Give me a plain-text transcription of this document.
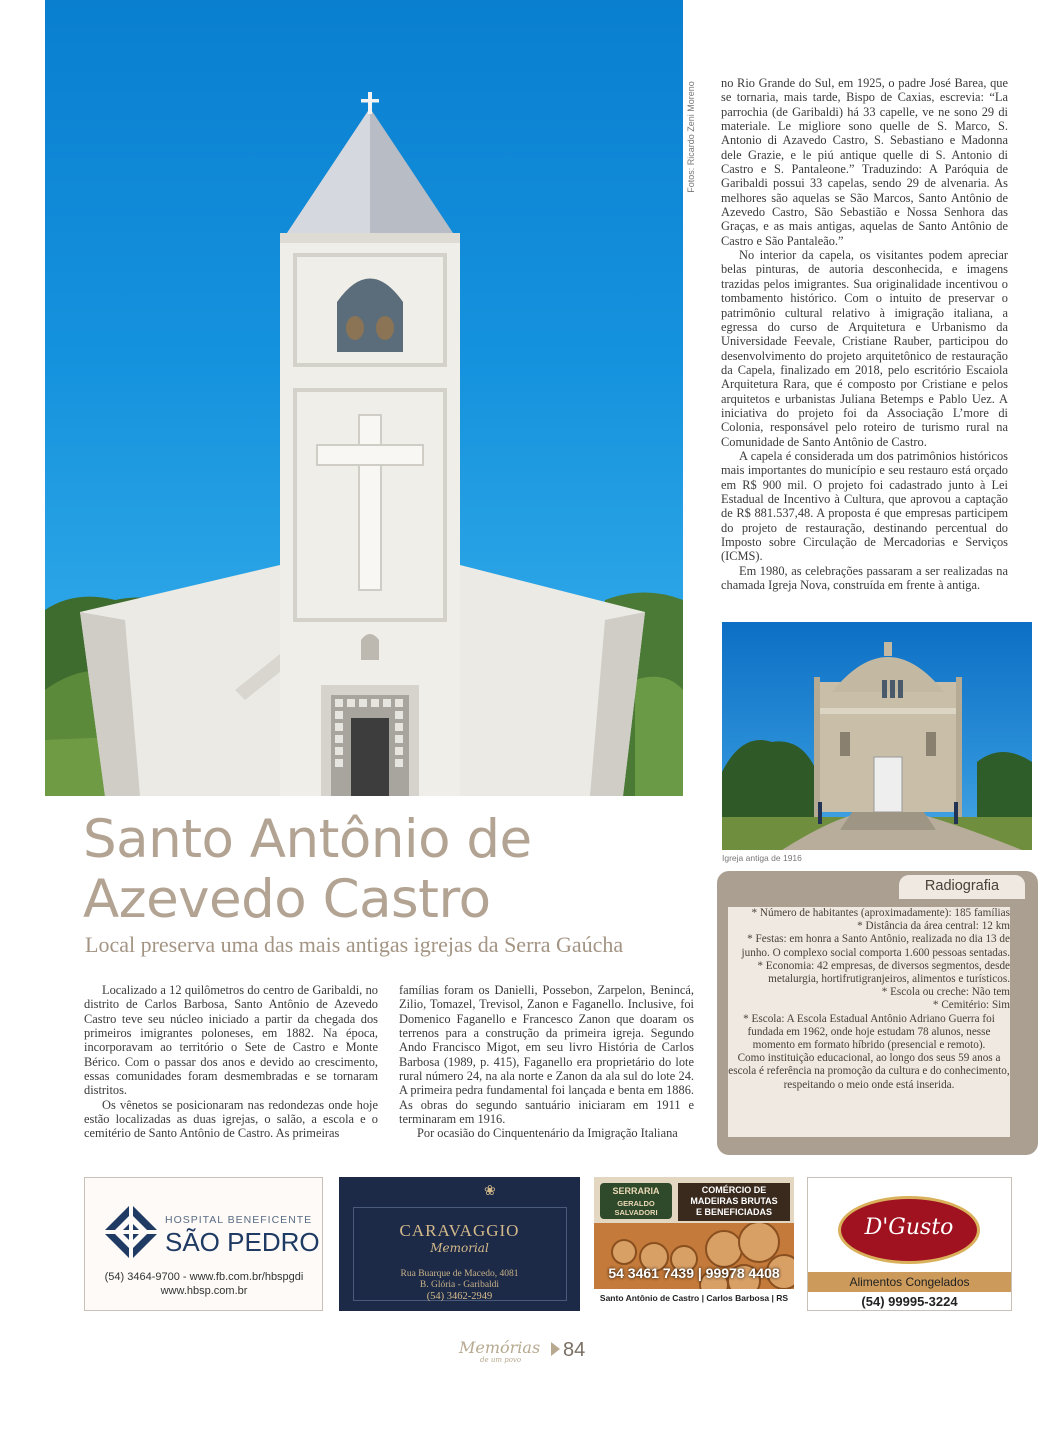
Fotos: Ricardo Zeni Moreno no Rio Grande do Sul, em 1925, o padre José Barea, que se tornaria, mais tarde, Bispo de Caxias, escrevia: “La parrochia (de Garibaldi) há 33 capelle, ve ne sono 29 di materiale. Le migliore sono quelle de S. Marco, S. Antonio di Azavedo Castro, S. Sebastiano e Madonna dele Grazie, e le piú antique quelle di S. Antonio di Castro e S. Pantaleone.” Traduzindo: A Paróquia de Garibaldi possui 33 capelas, sendo 29 de alvenaria. As melhores são aquelas se São Marcos, Santo Antônio de Azevedo Castro, São Sebastião e Nossa Senhora das Graças, e as mais antigas, aquelas de Santo Antônio de Castro e São Pantaleão.”

No interior da capela, os visitantes podem apreciar belas pinturas, de autoria desconhecida, e imagens trazidas pelos imigrantes. Sua originalidade incentivou o tombamento histórico. Com o intuito de preservar o patrimônio cultural relativo à imigração italiana, a egressa do curso de Arquitetura e Urbanismo da Universidade Feevale, Cristiane Rauber, participou do desenvolvimento do projeto arquitetônico de restauração da Capela, finalizado em 2018, pelo escritório Escaiola Arquitetura Rara, que é composto por Cristiane e pelos arquitetos e urbanistas Juliana Betemps e Pablo Uez. A iniciativa do projeto foi da Associação L’more di Colonia, responsável pelo roteiro de turismo rural na Comunidade de Santo Antônio de Castro.

A capela é considerada um dos patrimônios históricos mais importantes do município e seu restauro está orçado em R$ 900 mil. O projeto foi cadastrado junto à Lei Estadual de Incentivo à Cultura, que aprovou a captação de R$ 881.537,48. A proposta é que empresas participem do projeto de restauração, destinando percentual do Imposto sobre Circulação de Mercadorias e Serviços (ICMS).

Em 1980, as celebrações passaram a ser realizadas na chamada Igreja Nova, construída em frente à antiga.

Igreja antiga de 1916
Santo Antônio de
Azevedo Castro
Local preserva uma das mais antigas igrejas da Serra Gaúcha

Localizado a 12 quilômetros do centro de Garibaldi, no distrito de Carlos Barbosa, Santo Antônio de Azevedo Castro teve seu núcleo iniciado a partir da chegada dos primeiros imigrantes poloneses, em 1882. Na época, incorporavam ao território o Sete de Castro e Monte Bérico. Com o passar dos anos e devido ao crescimento, essas comunidades foram desmembradas e se tornaram distritos.

Os vênetos se posicionaram nas redondezas onde hoje estão localizadas as duas igrejas, o salão, a escola e o cemitério de Santo Antônio de Castro. As primeiras

famílias foram os Danielli, Possebon, Zarpelon, Benincá, Zilio, Tomazel, Trevisol, Zanon e Faganello. Inclusive, foi Domenico Faganello e Francesco Zanon que doaram os terrenos para a construção da primeira igreja. Segundo Ando Francisco Migot, em seu livro História de Carlos Barbosa (1989, p. 415), Faganello era proprietário do lote rural número 24, na ala norte e Zanon da ala sul do lote 24. A primeira pedra fundamental foi lançada e benta em 1886. As obras do segundo santuário iniciaram em 1911 e terminaram em 1916.

Por ocasião do Cinquentenário da Imigração Italiana

Radiografia

* Número de habitantes (aproximadamente): 185 famílias

* Distância da área central: 12 km

* Festas: em honra a Santo Antônio, realizada no dia 13 de junho. O complexo social comporta 1.600 pessoas sentadas.

* Economia: 42 empresas, de diversos segmentos, desde metalurgia, hortifrutigranjeiros, alimentos e turísticos.

* Escola ou creche: Não tem

* Cemitério: Sim

* Escola: A Escola Estadual Antônio Adriano Guerra foi fundada em 1962, onde hoje estudam 78 alunos, nesse momento em formato híbrido (presencial e remoto).

Como instituição educacional, ao longo dos seus 59 anos a escola é referência na promoção da cultura e do conhecimento, respeitando o meio onde está inserida.

HOSPITAL BENEFICENTE
SÃO PEDRO
(54) 3464-9700 - www.fb.com.br/hbspgdi
www.hbsp.com.br
❀
CARAVAGGIO
Memorial
Rua Buarque de Macedo, 4081
B. Glória - Garibaldi
(54) 3462-2949
SERRARIA
GERALDO SALVADORI
COMÉRCIO DE
MADEIRAS BRUTAS
E BENEFICIADAS
54 3461 7439 | 99978 4408
Santo Antônio de Castro | Carlos Barbosa | RS
D'Gusto
Alimentos Congelados
(54) 99995-3224
Memórias
de um povo 84
